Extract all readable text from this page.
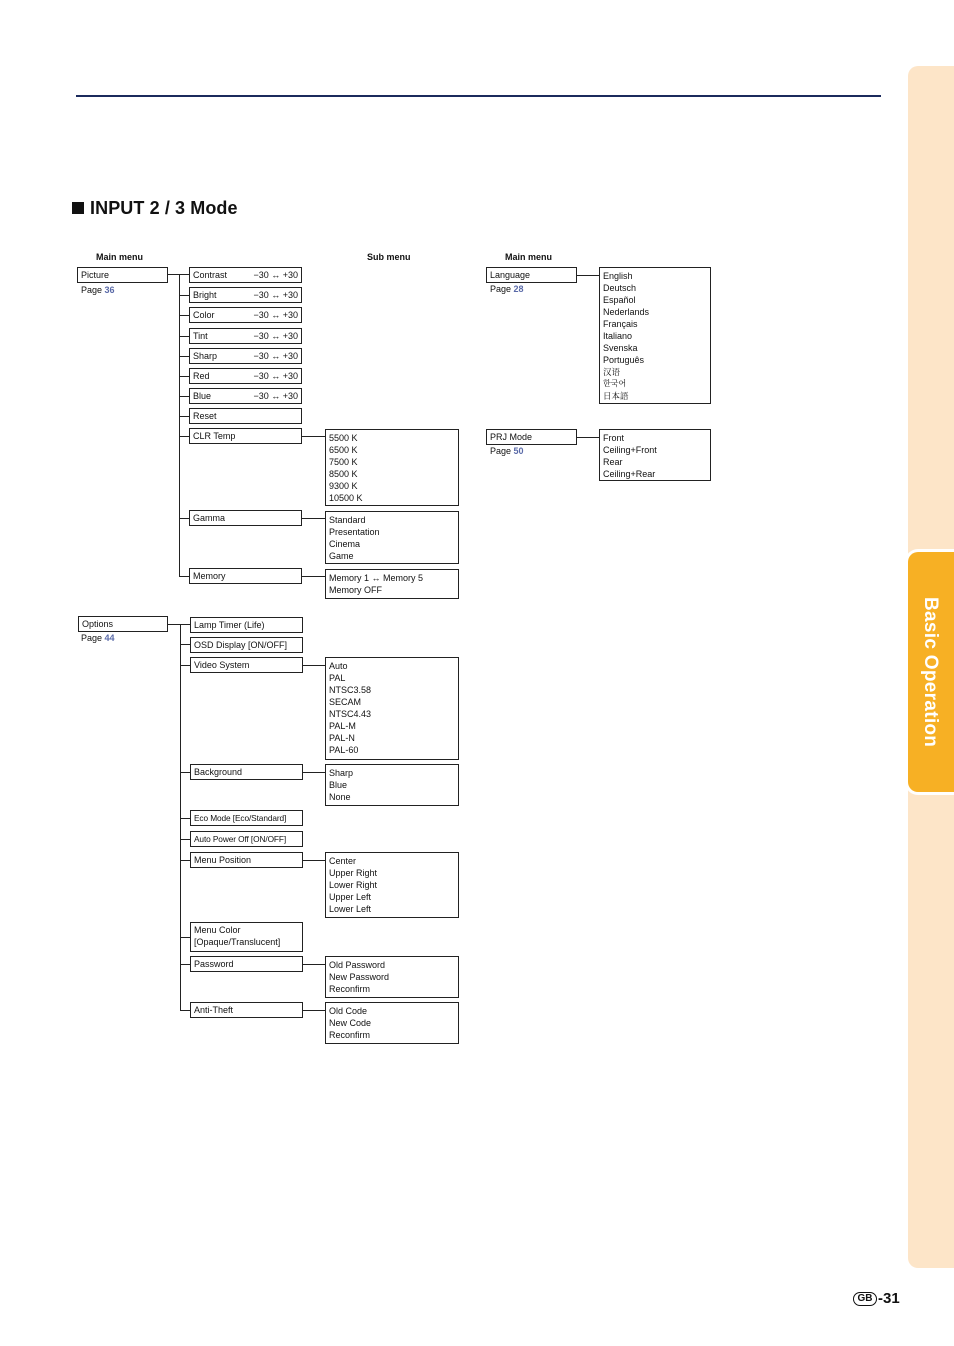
Basic Operation
INPUT 2 / 3 Mode
Main menu	Sub menu	Main menu
Picture
Page 36
Contrast	−30 ↔ +30
Bright	−30 ↔ +30
Color	−30 ↔ +30
Tint	−30 ↔ +30
Sharp	−30 ↔ +30
Red	−30 ↔ +30
Blue	−30 ↔ +30
Reset
CLR Temp
Gamma
Memory
5500 K
6500 K
7500 K
8500 K
9300 K
10500 K
Standard
Presentation
Cinema
Game
Memory 1 ↔ Memory 5
Memory OFF
Options
Page 44
Lamp Timer (Life)
OSD Display [ON/OFF]
Video System
Background
Eco Mode [Eco/Standard]
Auto Power Off [ON/OFF]
Menu Position
Menu Color
[Opaque/Translucent]
Password
Anti-Theft
Auto
PAL
NTSC3.58
SECAM
NTSC4.43
PAL-M
PAL-N
PAL-60
Sharp
Blue
None
Center
Upper Right
Lower Right
Upper Left
Lower Left
Old Password
New Password
Reconfirm
Old Code
New Code
Reconfirm
Language
Page 28
English
Deutsch
Español
Nederlands
Français
Italiano
Svenska
Português
汉语
한국어
日本語
PRJ Mode
Page 50
Front
Ceiling+Front
Rear
Ceiling+Rear
GB -31
